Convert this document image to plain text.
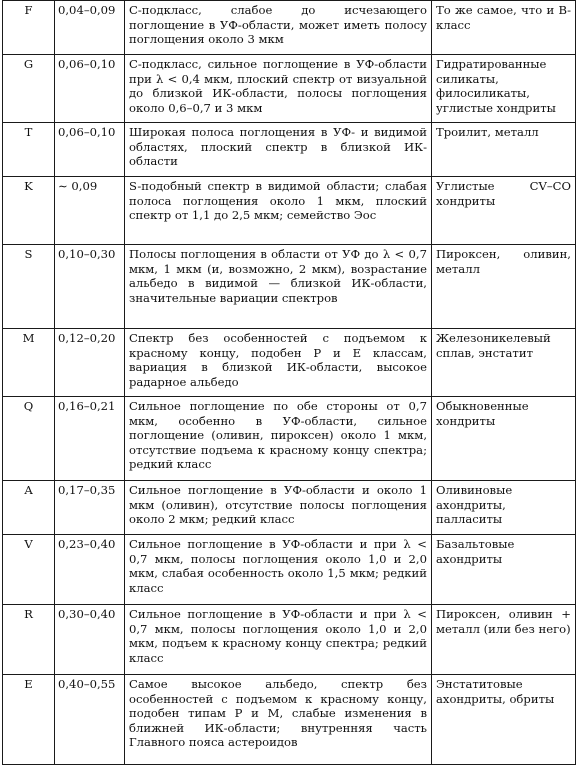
F	0,04–0,09	С-подкласс, слабое до исчезающего поглощение в УФ-области, может иметь полосу поглощения около 3 мкм	То же самое, что и В-класс
G	0,06–0,10	С-подкласс, сильное поглощение в УФ-области при λ < 0,4 мкм, плоский спектр от визуальной до близкой ИК-области, полосы поглощения около 0,6–0,7 и 3 мкм	Гидратированные силикаты, филосиликаты, углистые хондриты
T	0,06–0,10	Широкая полоса поглощения в УФ- и видимой областях, плоский спектр в близкой ИК-области	Троилит, металл
K	∼ 0,09	S-подобный спектр в видимой области; слабая полоса поглощения около 1 мкм, плоский спектр от 1,1 до 2,5 мкм; семейство Эос	Углистые CV–CO хондриты
S	0,10–0,30	Полосы поглощения в области от УФ до λ < 0,7 мкм, 1 мкм (и, возможно, 2 мкм), возрастание альбедо в видимой — близкой ИК-области, значительные вариации спектров	Пироксен, оливин, металл
M	0,12–0,20	Спектр без особенностей с подъемом к красному концу, подобен Р и Е классам, вариация в близкой ИК-области, высокое радарное альбедо	Железоникелевый сплав, энстатит
Q	0,16–0,21	Сильное поглощение по обе стороны от 0,7 мкм, особенно в УФ-области, сильное поглощение (оливин, пироксен) около 1 мкм, отсутствие подъема к красному концу спектра; редкий класс	Обыкновенные хондриты
A	0,17–0,35	Сильное поглощение в УФ-области и около 1 мкм (оливин), отсутствие полосы поглощения около 2 мкм; редкий класс	Оливиновые ахондриты, палласиты
V	0,23–0,40	Сильное поглощение в УФ-области и при λ < 0,7 мкм, полосы поглощения около 1,0 и 2,0 мкм, слабая особенность около 1,5 мкм; редкий класс	Базальтовые ахондриты
R	0,30–0,40	Сильное поглощение в УФ-области и при λ < 0,7 мкм, полосы поглощения около 1,0 и 2,0 мкм, подъем к красному концу спектра; редкий класс	Пироксен, оливин + металл (или без него)
E	0,40–0,55	Самое высокое альбедо, спектр без особенностей с подъемом к красному концу, подобен типам Р и М, слабые изменения в ближней ИК-области; внутренняя часть Главного пояса астероидов	Энстатитовые ахондриты, обриты
